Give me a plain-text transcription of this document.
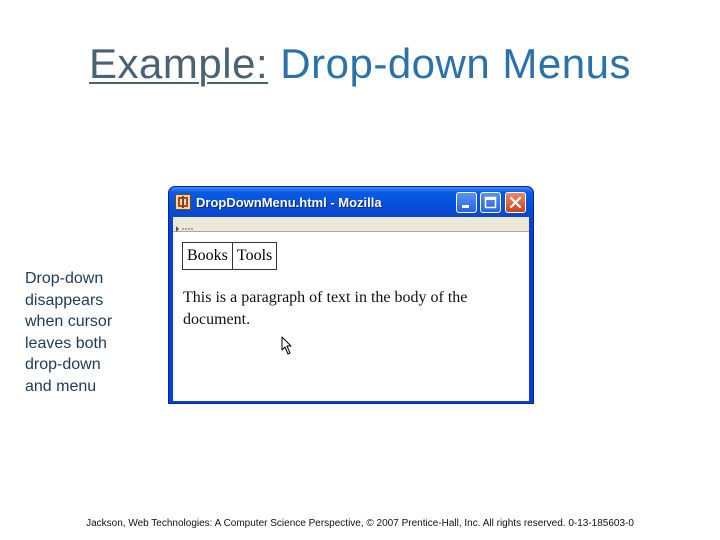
Example: Drop-down Menus
Drop-down
disappears
when cursor
leaves both
drop-down
and menu
DropDownMenu.html - Mozilla
Books Tools
This is a paragraph of text in the body of the document.
Jackson, Web Technologies: A Computer Science Perspective, © 2007 Prentice-Hall, Inc. All rights reserved. 0-13-185603-0
